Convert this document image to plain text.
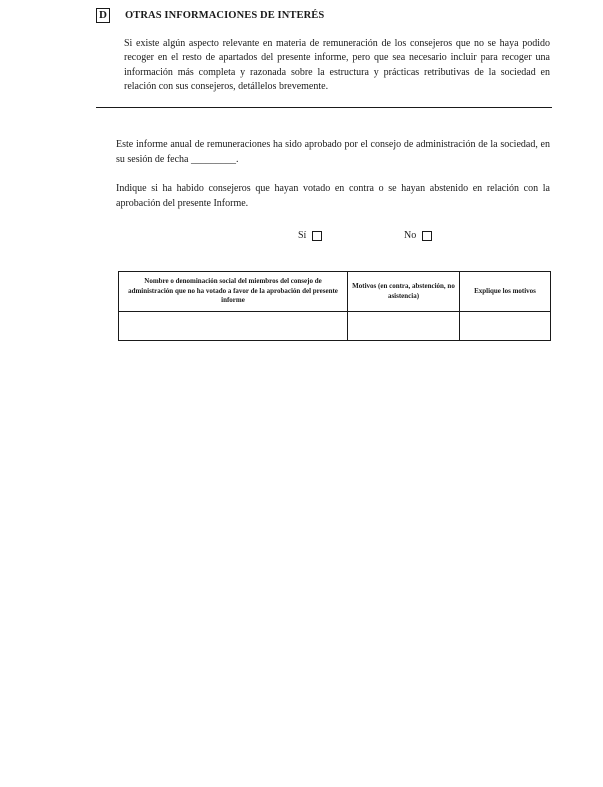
D OTRAS INFORMACIONES DE INTERÉS
Si existe algún aspecto relevante en materia de remuneración de los consejeros que no se haya podido recoger en el resto de apartados del presente informe, pero que sea necesario incluir para recoger una información más completa y razonada sobre la estructura y prácticas retributivas de la sociedad en relación con sus consejeros, detállelos brevemente.
Este informe anual de remuneraciones ha sido aprobado por el consejo de administración de la sociedad, en su sesión de fecha _________.
Indique si ha habido consejeros que hayan votado en contra o se hayan abstenido en relación con la aprobación del presente Informe.
Sí	No
Nombre o denominación social del miembros del consejo de administración que no ha votado a favor de la aprobación del presente informe	Motivos (en contra, abstención, no asistencia)	Explique los motivos
